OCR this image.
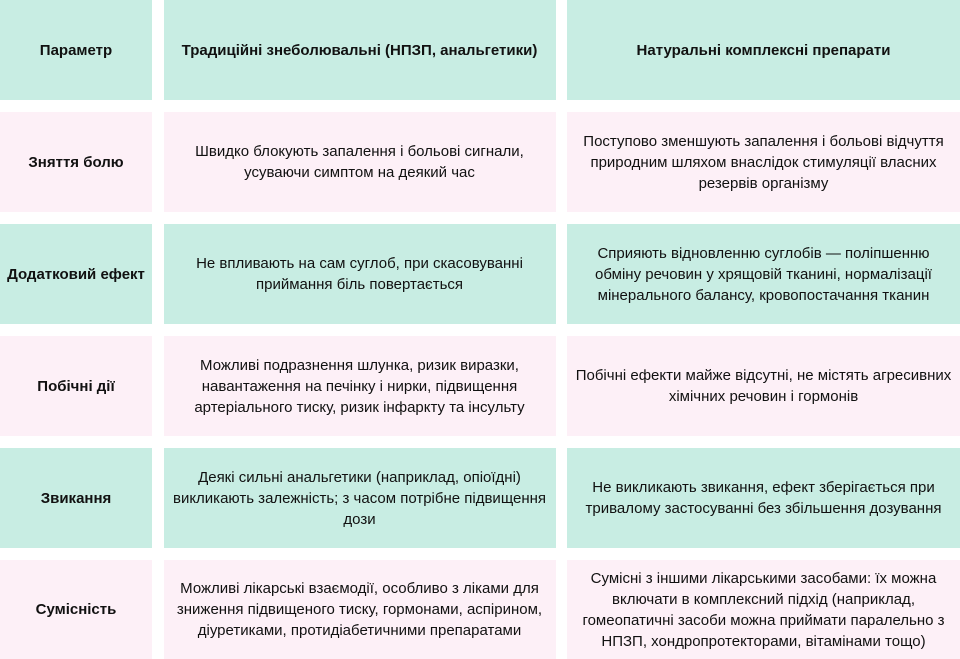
Параметр	Традиційні знеболювальні (НПЗП, анальгетики)	Натуральні комплексні препарати
Зняття болю
Швидко блокують запалення і больові сигнали, усуваючи симптом на деякий час
Поступово зменшують запалення і больові відчуття природним шляхом внаслідок стимуляції власних резервів організму
Додатковий ефект
Не впливають на сам суглоб, при скасовуванні приймання біль повертається
Сприяють відновленню суглобів — поліпшенню обміну речовин у хрящовій тканині, нормалізації мінерального балансу, кровопостачання тканин
Побічні дії
Можливі подразнення шлунка, ризик виразки, навантаження на печінку і нирки, підвищення артеріального тиску, ризик інфаркту та інсульту
Побічні ефекти майже відсутні, не містять агресивних хімічних речовин і гормонів
Звикання
Деякі сильні анальгетики (наприклад, опіоїдні) викликають залежність; з часом потрібне підвищення дози
Не викликають звикання, ефект зберігається при тривалому застосуванні без збільшення дозування
Сумісність
Можливі лікарські взаємодії, особливо з ліками для зниження підвищеного тиску, гормонами, аспірином, діуретиками, протидіабетичними препаратами
Сумісні з іншими лікарськими засобами: їх можна включати в комплексний підхід (наприклад, гомеопатичні засоби можна приймати паралельно з НПЗП, хондропротекторами, вітамінами тощо)
